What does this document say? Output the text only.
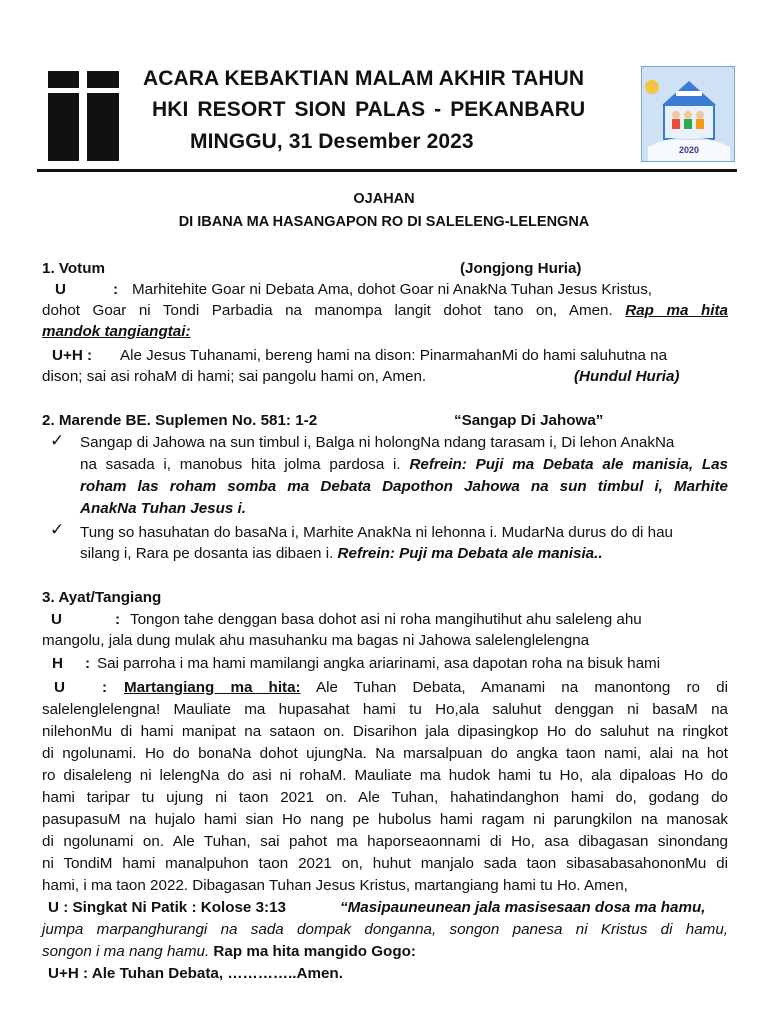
ACARA KEBAKTIAN MALAM AKHIR TAHUN
HKI RESORT SION PALAS - PEKANBARU
MINGGU, 31 Desember 2023	2020
OJAHAN
DI IBANA MA HASANGAPON RO DI SALELENG-LELENGNA
1. Votum	(Jongjong Huria)
U	: Marhitehite Goar ni Debata Ama, dohot Goar ni AnakNa Tuhan Jesus Kristus,
dohot Goar ni Tondi Parbadia na manompa langit dohot tano on, Amen. Rap ma hita
mandok tangiangtai:
U+H : Ale Jesus Tuhanami, bereng hami na dison: PinarmahanMi do hami saluhutna na
dison; sai asi rohaM di hami; sai pangolu hami on, Amen.	(Hundul Huria)
2. Marende BE. Suplemen No. 581: 1-2	“Sangap Di Jahowa”
✓ Sangap di Jahowa na sun timbul i, Balga ni holongNa ndang tarasam i, Di lehon AnakNa
na sasada i, manobus hita jolma pardosa i. Refrein: Puji ma Debata ale manisia, Las
roham las roham somba ma Debata Dapothon Jahowa na sun timbul i, Marhite
AnakNa Tuhan Jesus i.
✓ Tung so hasuhatan do basaNa i, Marhite AnakNa ni lehonna i. MudarNa durus do di hau
silang i, Rara pe dosanta ias dibaen i. Refrein: Puji ma Debata ale manisia..
3. Ayat/Tangiang
U	: Tongon tahe denggan basa dohot asi ni roha mangihutihut ahu saleleng ahu
mangolu, jala dung mulak ahu masuhanku ma bagas ni Jahowa salelenglelengna
H : Sai parroha i ma hami mamilangi angka ariarinami, asa dapotan roha na bisuk hami
U : Martangiang ma hita: Ale Tuhan Debata, Amanami na manontong ro di
salelenglelengna! Mauliate ma hupasahat hami tu Ho,ala saluhut denggan ni basaM na
nilehonMu di hami manipat na sataon on. Disarihon jala dipasingkop Ho do saluhut na ringkot
di ngolunami. Ho do bonaNa dohot ujungNa. Na marsalpuan do angka taon nami, alai na hot
ro disaleleng ni lelengNa do asi ni rohaM. Mauliate ma hudok hami tu Ho, ala dipaloas Ho do
hami taripar tu ujung ni taon 2021 on. Ale Tuhan, hahatindanghon hami do, godang do
pasupasuM na hujalo hami sian Ho nang pe hubolus hami ragam ni parungkilon na manosak
di ngolunami on. Ale Tuhan, sai pahot ma haporseaonnami di Ho, asa dibagasan sinondang
ni TondiM hami manalpuhon taon 2021 on, huhut manjalo sada taon sibasabasahononMu di
hami, i ma taon 2022. Dibagasan Tuhan Jesus Kristus, martangiang hami tu Ho. Amen,
U : Singkat Ni Patik : Kolose 3:13	“Masipauneunean jala masisesaan dosa ma hamu,
jumpa marpanghurangi na sada dompak donganna, songon panesa ni Kristus di hamu,
songon i ma nang hamu. Rap ma hita mangido Gogo:
U+H : Ale Tuhan Debata, …………..Amen.
